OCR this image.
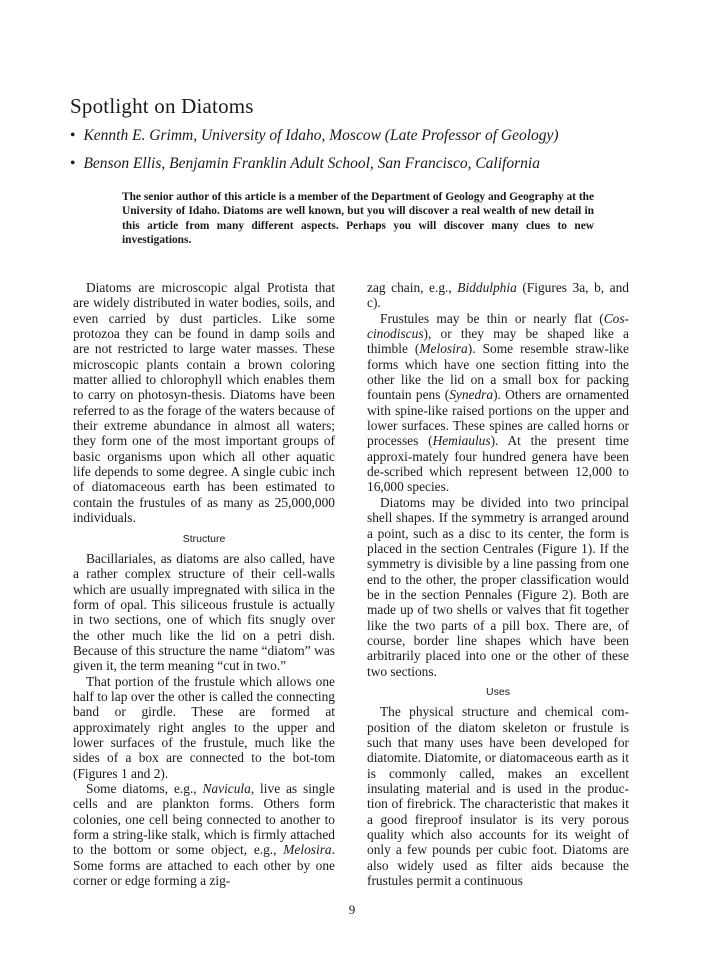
Spotlight on Diatoms
• Kennth E. Grimm, University of Idaho, Moscow (Late Professor of Geology)
• Benson Ellis, Benjamin Franklin Adult School, San Francisco, California
The senior author of this article is a member of the Department of Geology and Geography at the University of Idaho. Diatoms are well known, but you will discover a real wealth of new detail in this article from many different aspects. Perhaps you will discover many clues to new investigations.

Diatoms are microscopic algal Protista that are widely distributed in water bodies, soils, and even carried by dust particles. Like some protozoa they can be found in damp soils and are not restricted to large water masses. These microscopic plants contain a brown coloring matter allied to chlorophyll which enables them to carry on photosyn-thesis. Diatoms have been referred to as the forage of the waters because of their extreme abundance in almost all waters; they form one of the most important groups of basic organisms upon which all other aquatic life depends to some degree. A single cubic inch of diatomaceous earth has been estimated to contain the frustules of as many as 25,000,000 individuals.

Structure

Bacillariales, as diatoms are also called, have a rather complex structure of their cell-walls which are usually impregnated with silica in the form of opal. This siliceous frustule is actually in two sections, one of which fits snugly over the other much like the lid on a petri dish. Because of this structure the name “diatom” was given it, the term meaning “cut in two.”

That portion of the frustule which allows one half to lap over the other is called the connecting band or girdle. These are formed at approximately right angles to the upper and lower surfaces of the frustule, much like the sides of a box are connected to the bot-tom (Figures 1 and 2).

Some diatoms, e.g., Navicula, live as single cells and are plankton forms. Others form colonies, one cell being connected to another to form a string-like stalk, which is firmly attached to the bottom or some object, e.g., Melosira. Some forms are attached to each other by one corner or edge forming a zig-

zag chain, e.g., Biddulphia (Figures 3a, b, and c).

Frustules may be thin or nearly flat (Cos-cinodiscus), or they may be shaped like a thimble (Melosira). Some resemble straw-like forms which have one section fitting into the other like the lid on a small box for packing fountain pens (Synedra). Others are ornamented with spine-like raised portions on the upper and lower surfaces. These spines are called horns or processes (Hemiaulus). At the present time approxi-mately four hundred genera have been de-scribed which represent between 12,000 to 16,000 species.

Diatoms may be divided into two principal shell shapes. If the symmetry is arranged around a point, such as a disc to its center, the form is placed in the section Centrales (Figure 1). If the symmetry is divisible by a line passing from one end to the other, the proper classification would be in the section Pennales (Figure 2). Both are made up of two shells or valves that fit together like the two parts of a pill box. There are, of course, border line shapes which have been arbitrarily placed into one or the other of these two sections.

Uses

The physical structure and chemical com-position of the diatom skeleton or frustule is such that many uses have been developed for diatomite. Diatomite, or diatomaceous earth as it is commonly called, makes an excellent insulating material and is used in the produc-tion of firebrick. The characteristic that makes it a good fireproof insulator is its very porous quality which also accounts for its weight of only a few pounds per cubic foot. Diatoms are also widely used as filter aids because the frustules permit a continuous

9
